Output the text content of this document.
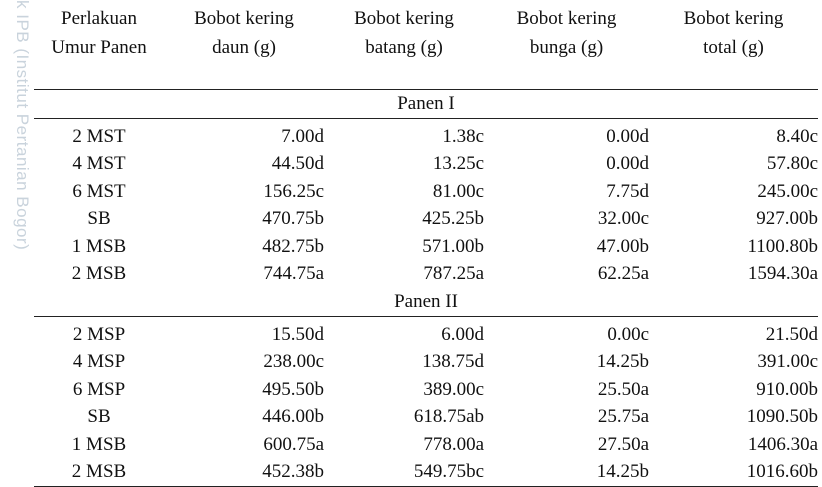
k IPB (Institut Pertanian Bogor) Perlakuan	Bobot kering	Bobot kering	Bobot kering	Bobot kering
Umur Panen	daun (g)	batang (g)	bunga (g)	total (g)

Panen I				

2 MST	7.00d	1.38c	0.00d	8.40c
4 MST	44.50d	13.25c	0.00d	57.80c
6 MST	156.25c	81.00c	7.75d	245.00c
SB	470.75b	425.25b	32.00c	927.00b
1 MSB	482.75b	571.00b	47.00b	1100.80b
2 MSB	744.75a	787.25a	62.25a	1594.30a
Panen II				

2 MSP	15.50d	6.00d	0.00c	21.50d
4 MSP	238.00c	138.75d	14.25b	391.00c
6 MSP	495.50b	389.00c	25.50a	910.00b
SB	446.00b	618.75ab	25.75a	1090.50b
1 MSB	600.75a	778.00a	27.50a	1406.30a
2 MSB	452.38b	549.75bc	14.25b	1016.60b
